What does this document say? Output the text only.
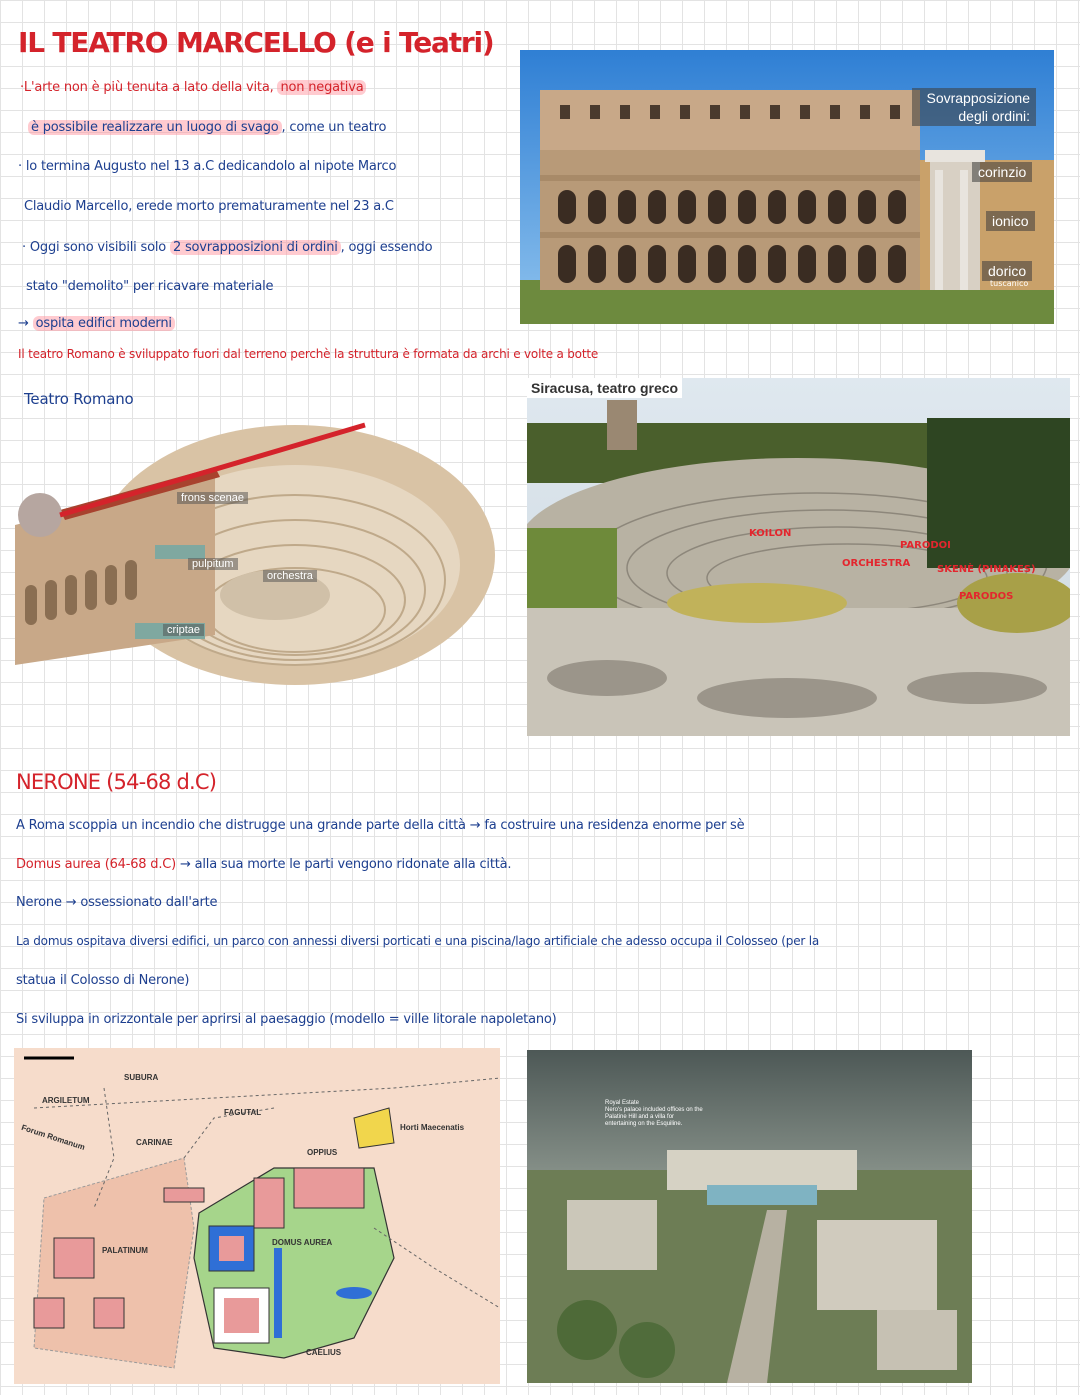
IL TEATRO MARCELLO (e i Teatri)
·L'arte non è più tenuta a lato della vita, non negativa
è possibile realizzare un luogo di svago , come un teatro
· lo termina Augusto nel 13 a.C dedicandolo al nipote Marco
Claudio Marcello, erede morto prematuramente nel 23 a.C
· Oggi sono visibili solo 2 sovrapposizioni di ordini , oggi essendo
stato "demolito" per ricavare materiale
→ ospita edifici moderni
Il teatro Romano è sviluppato fuori dal terreno perchè la struttura è formata da archi e volte a botte
Sovrapposizione degli ordini:
corinzio
ionico
dorico
tuscanico
Teatro Romano
frons scenae
pulpitum
orchestra
criptae
Siracusa, teatro greco
KOILON
PARODOI
ORCHESTRA
SKENÈ (PINAKES)
PARODOS
NERONE (54-68 d.C)
A Roma scoppia un incendio che distrugge una grande parte della città → fa costruire una residenza enorme per sè
Domus aurea (64-68 d.C) → alla sua morte le parti vengono ridonate alla città.
Nerone → ossessionato dall'arte
La domus ospitava diversi edifici, un parco con annessi diversi porticati e una piscina/lago artificiale che adesso occupa il Colosseo (per la
statua il Colosso di Nerone)
Si sviluppa in orizzontale per aprirsi al paesaggio (modello = ville litorale napoletano)
SUBURA
ARGILETUM
FAGUTAL
Forum Romanum	CARINAE
OPPIUS
Horti Maecenatis
PALATINUM
DOMUS AUREA
CAELIUS
Royal Estate
Nero's palace included offices on the Palatine Hill and a villa for entertaining on the Esquiline.
